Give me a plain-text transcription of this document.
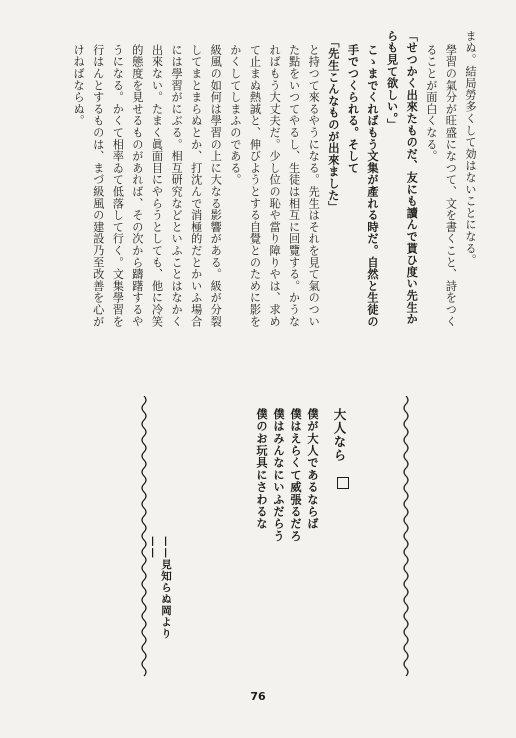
まぬ。結局勞多くして効はないことになる。

學習の氣分が旺盛になつて、文を書くこと、詩をつくることが面白くなる。

「せつかく出來たものだ、友にも讀んで貰ひ度い先生からも見て欲しい。」

こゝまでくればもう文集が產れる時だ。自然と生徒の手でつくられる。そして

「先生こんなものが出來ました」

と持つて來るやうになる。先生はそれを見て氣のついた點をいつてやるし、生徒は相互に回覽する。かうなればもう大丈夫だ。少し位の恥や當り障りやは、求めて止まぬ熱誠と、伸びようとする自覺とのために影をかくしてしまふのである。

級風の如何は學習の上に大なる影響がある。級が分裂してまとまらぬとか、打沈んで消極的だとかいふ場合には學習がにぶる。相互研究などといふことはなかく出來ない。たまく眞面目にやらうとしても、他に冷笑的態度を見せるものがあれば、その次から躊躇するやうになる。かくて相率ゐて低落して行く。文集學習を行はんとするものは、まづ級風の建設乃至改善を心がけねばならぬ。

大人なら
僕が大人であるならば
僕はえらくて威張るだろ
僕はみんなにいふだらう
僕のお玩具にさわるな
——見知らぬ岡より——
76
